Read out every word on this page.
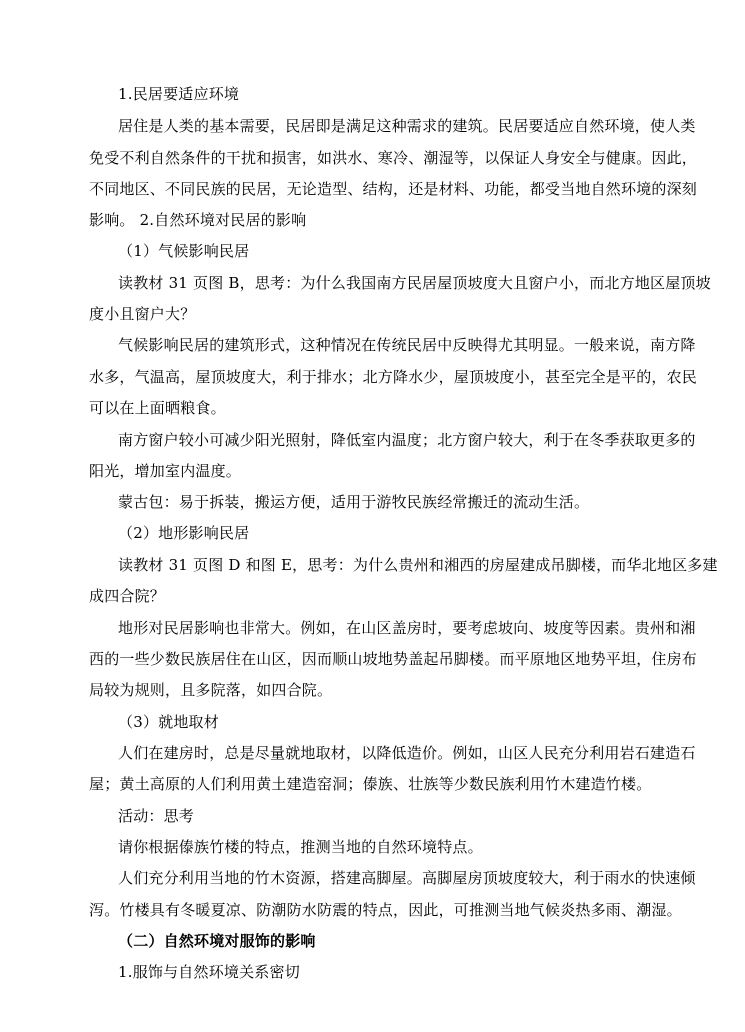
1.民居要适应环境
居住是人类的基本需要，民居即是满足这种需求的建筑。民居要适应自然环境，使人类
免受不利自然条件的干扰和损害，如洪水、寒冷、潮湿等，以保证人身安全与健康。因此，
不同地区、不同民族的民居，无论造型、结构，还是材料、功能，都受当地自然环境的深刻
影响。 2.自然环境对民居的影响
（1）气候影响民居
读教材 31 页图 B，思考：为什么我国南方民居屋顶坡度大且窗户小，而北方地区屋顶坡
度小且窗户大？
气候影响民居的建筑形式，这种情况在传统民居中反映得尤其明显。一般来说，南方降
水多，气温高，屋顶坡度大，利于排水；北方降水少，屋顶坡度小，甚至完全是平的，农民
可以在上面晒粮食。
南方窗户较小可减少阳光照射，降低室内温度；北方窗户较大，利于在冬季获取更多的
阳光，增加室内温度。
蒙古包：易于拆装，搬运方便，适用于游牧民族经常搬迁的流动生活。
（2）地形影响民居
读教材 31 页图 D 和图 E，思考：为什么贵州和湘西的房屋建成吊脚楼，而华北地区多建
成四合院？
地形对民居影响也非常大。例如，在山区盖房时，要考虑坡向、坡度等因素。贵州和湘
西的一些少数民族居住在山区，因而顺山坡地势盖起吊脚楼。而平原地区地势平坦，住房布
局较为规则，且多院落，如四合院。
（3）就地取材
人们在建房时，总是尽量就地取材，以降低造价。例如，山区人民充分利用岩石建造石
屋；黄土高原的人们利用黄土建造窑洞；傣族、壮族等少数民族利用竹木建造竹楼。
活动：思考
请你根据傣族竹楼的特点，推测当地的自然环境特点。
人们充分利用当地的竹木资源，搭建高脚屋。高脚屋房顶坡度较大，利于雨水的快速倾
泻。竹楼具有冬暖夏凉、防潮防水防震的特点，因此，可推测当地气候炎热多雨、潮湿。
（二）自然环境对服饰的影响
1.服饰与自然环境关系密切
